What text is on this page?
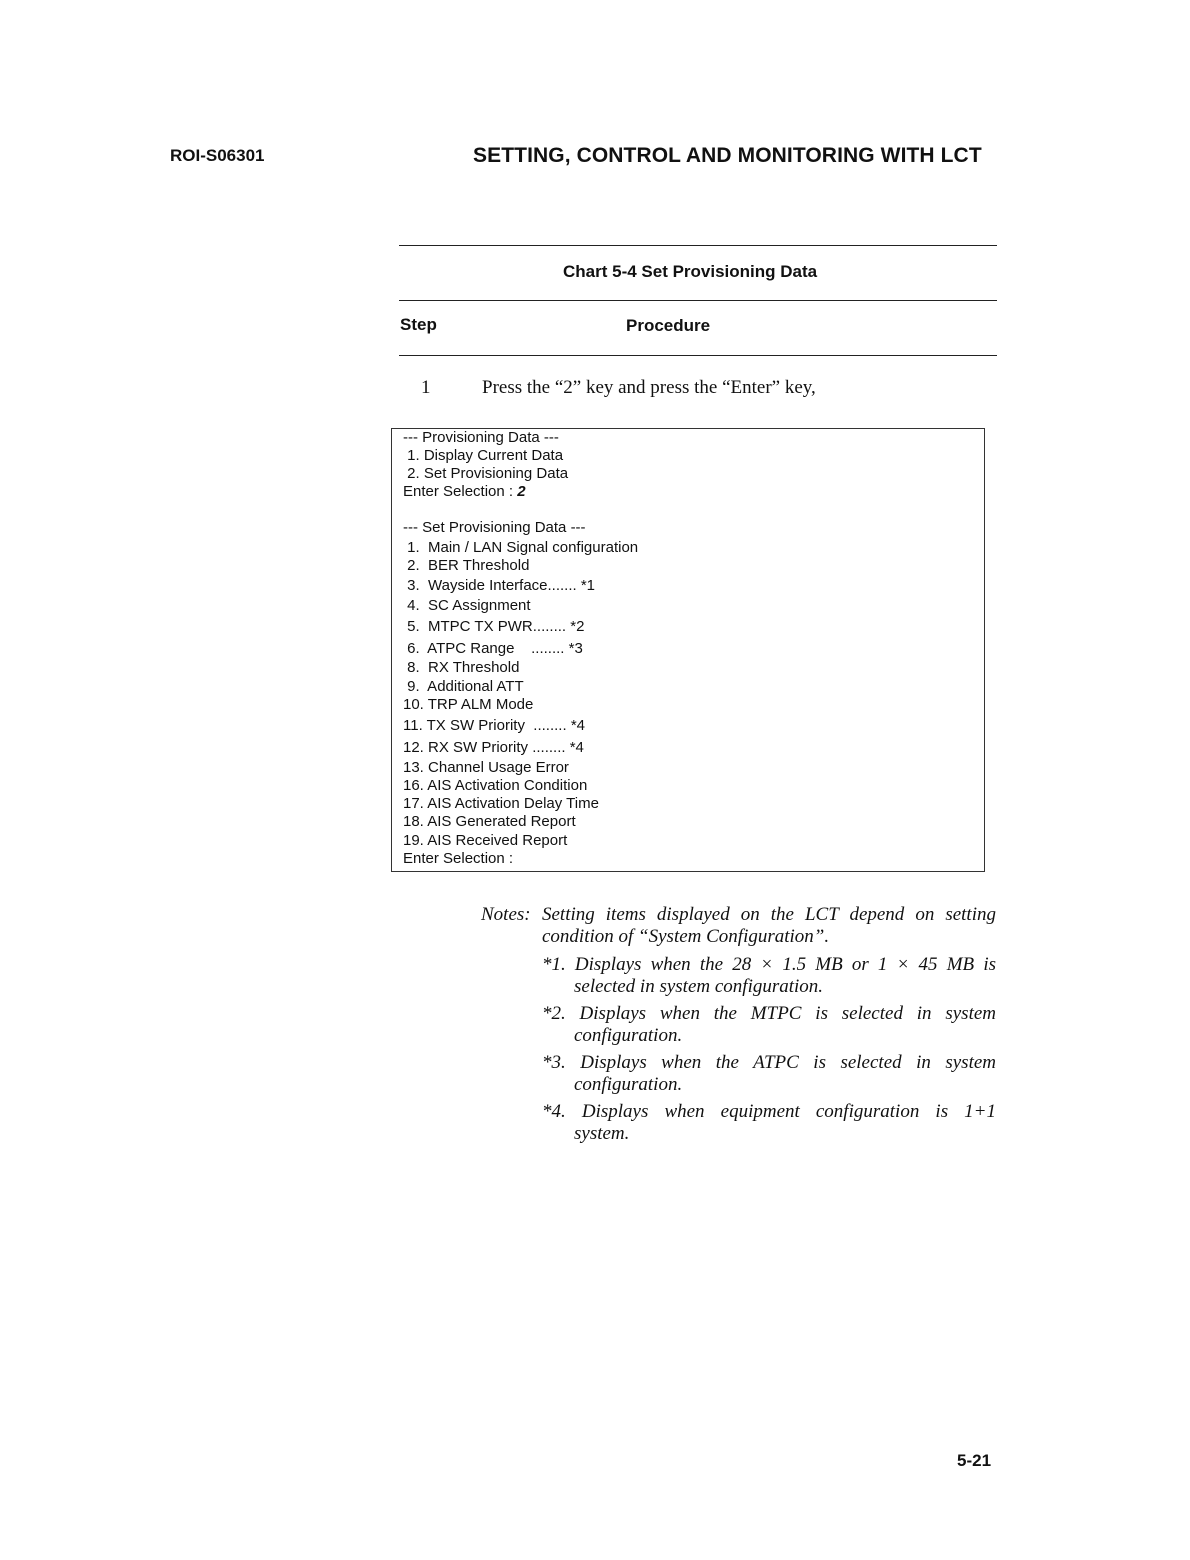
ROI-S06301	SETTING, CONTROL AND MONITORING WITH LCT
Chart 5-4 Set Provisioning Data
Step	Procedure
1	Press the “2” key and press the “Enter” key,
--- Provisioning Data ---
1. Display Current Data
2. Set Provisioning Data
Enter Selection : 2
--- Set Provisioning Data ---
1.  Main / LAN Signal configuration
2.  BER Threshold
3.  Wayside Interface....... *1
4.  SC Assignment
5.  MTPC TX PWR........ *2
6.  ATPC Range    ........ *3
8.  RX Threshold
9.  Additional ATT
10. TRP ALM Mode
11. TX SW Priority  ........ *4
12. RX SW Priority ........ *4
13. Channel Usage Error
16. AIS Activation Condition
17. AIS Activation Delay Time
18. AIS Generated Report
19. AIS Received Report
Enter Selection :
Notes: Setting items displayed on the LCT depend on setting
condition of “System Configuration”.
*1. Displays when the 28 × 1.5 MB or 1 × 45 MB is
selected in system configuration.
*2. Displays when the MTPC is selected in system
configuration.
*3. Displays when the ATPC is selected in system
configuration.
*4. Displays when equipment configuration is 1+1
system.
5-21
